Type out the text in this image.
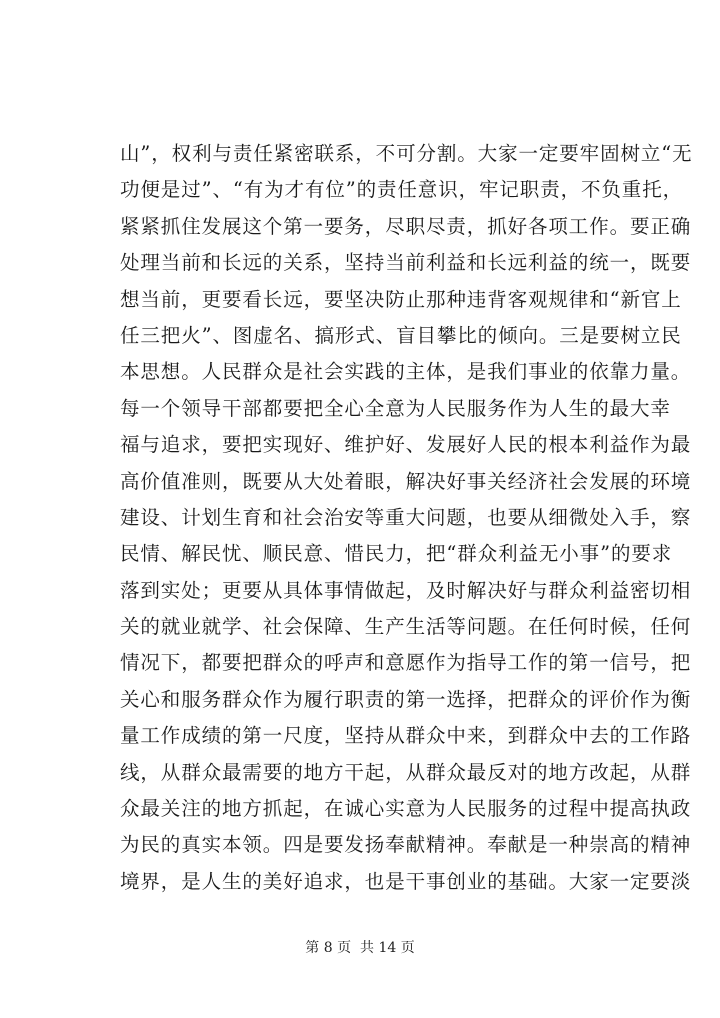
山”，权利与责任紧密联系，不可分割。大家一定要牢固树立“无
功便是过”、“有为才有位”的责任意识，牢记职责，不负重托，
紧紧抓住发展这个第一要务，尽职尽责，抓好各项工作。要正确
处理当前和长远的关系，坚持当前利益和长远利益的统一，既要
想当前，更要看长远，要坚决防止那种违背客观规律和“新官上
任三把火”、图虚名、搞形式、盲目攀比的倾向。三是要树立民
本思想。人民群众是社会实践的主体，是我们事业的依靠力量。
每一个领导干部都要把全心全意为人民服务作为人生的最大幸
福与追求，要把实现好、维护好、发展好人民的根本利益作为最
高价值准则，既要从大处着眼，解决好事关经济社会发展的环境
建设、计划生育和社会治安等重大问题，也要从细微处入手，察
民情、解民忧、顺民意、惜民力，把“群众利益无小事”的要求
落到实处；更要从具体事情做起，及时解决好与群众利益密切相
关的就业就学、社会保障、生产生活等问题。在任何时候，任何
情况下，都要把群众的呼声和意愿作为指导工作的第一信号，把
关心和服务群众作为履行职责的第一选择，把群众的评价作为衡
量工作成绩的第一尺度，坚持从群众中来，到群众中去的工作路
线，从群众最需要的地方干起，从群众最反对的地方改起，从群
众最关注的地方抓起，在诚心实意为人民服务的过程中提高执政
为民的真实本领。四是要发扬奉献精神。奉献是一种崇高的精神
境界，是人生的美好追求，也是干事创业的基础。大家一定要淡
第 8 页  共 14 页
